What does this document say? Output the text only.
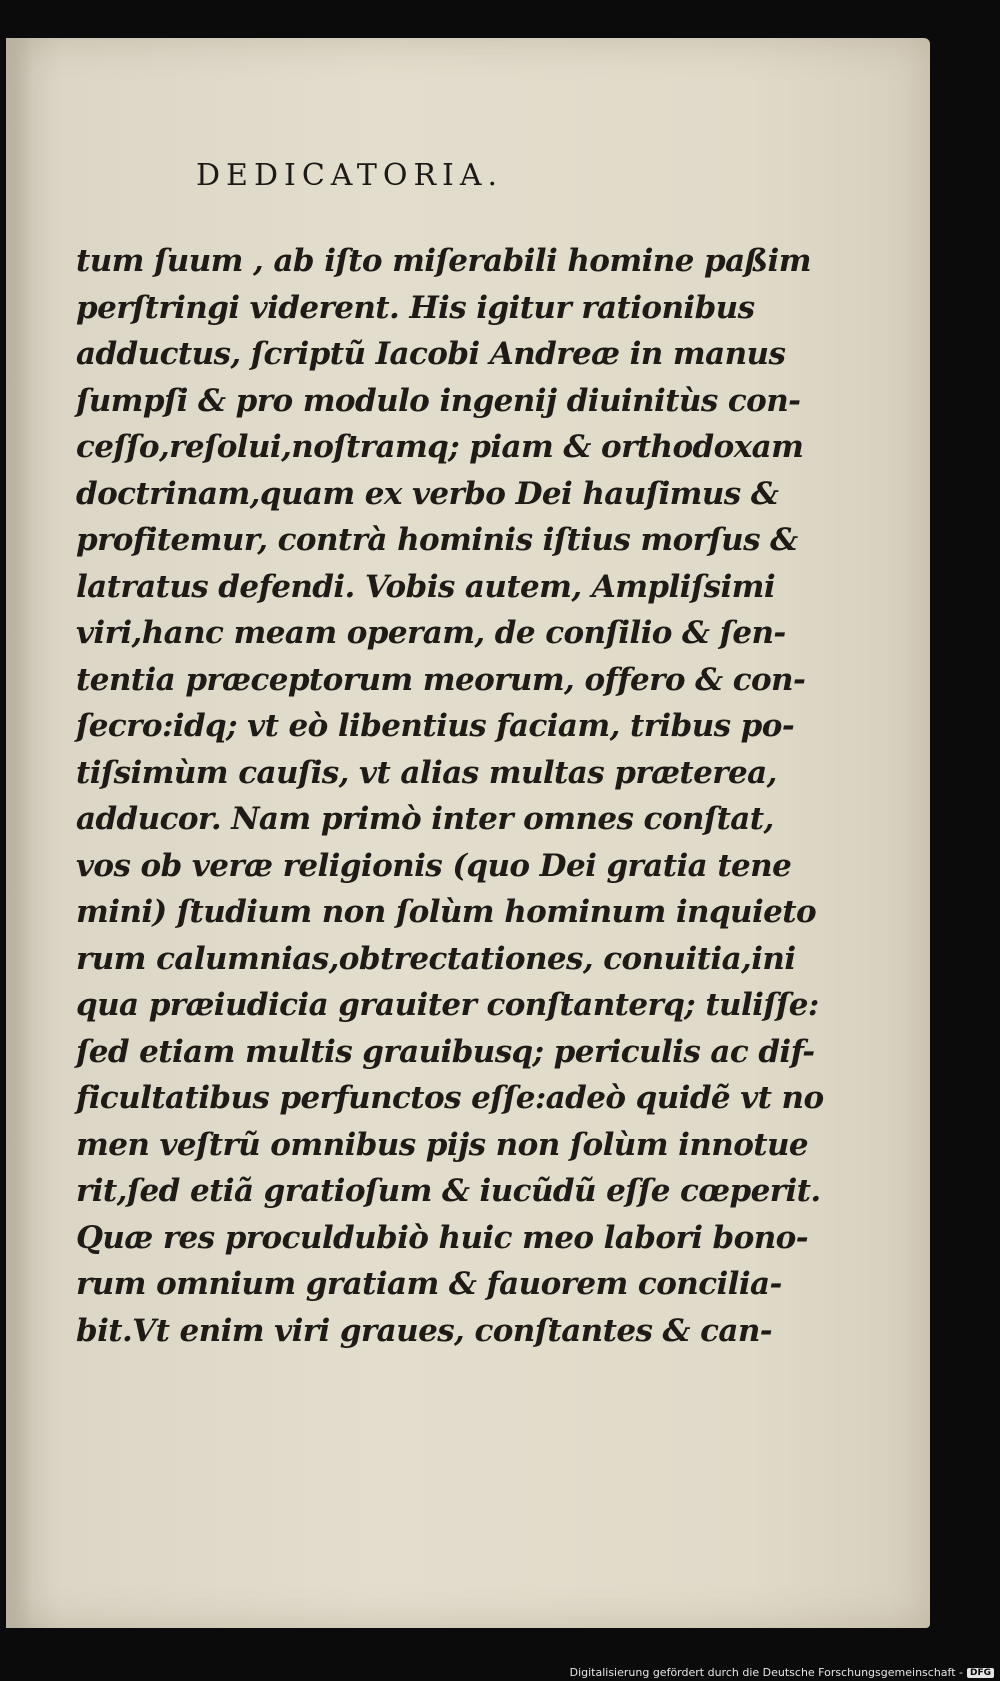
DEDICATORIA.
tum ſuum , ab iſto miſerabili homine paßim
perſtringi viderent. His igitur rationibus
adductus, ſcriptũ Iacobi Andreæ in manus
ſumpſi & pro modulo ingenij diuinitùs con-
ceſſo,reſolui,noſtramq; piam & orthodoxam
doctrinam,quam ex verbo Dei hauſimus &
profitemur, contrà hominis iſtius morſus &
latratus defendi. Vobis autem, Ampliſsimi
viri,hanc meam operam, de conſilio & ſen-
tentia præceptorum meorum, offero & con-
ſecro:idq; vt eò libentius faciam, tribus po-
tiſsimùm cauſis, vt alias multas præterea,
adducor. Nam primò inter omnes conſtat,
vos ob veræ religionis (quo Dei gratia tene
mini) ſtudium non ſolùm hominum inquieto
rum calumnias,obtrectationes, conuitia,ini
qua præiudicia grauiter conſtanterq; tuliſſe:
ſed etiam multis grauibusq; periculis ac dif-
ficultatibus perfunctos eſſe:adeò quidẽ vt no
men veſtrũ omnibus pijs non ſolùm innotue
rit,ſed etiã gratioſum & iucũdũ eſſe cœperit.
Quæ res proculdubiò huic meo labori bono-
rum omnium gratiam & fauorem concilia-
bit.Vt enim viri graues, conſtantes & can-
Digitalisierung gefördert durch die Deutsche Forschungsgemeinschaft - DFG
